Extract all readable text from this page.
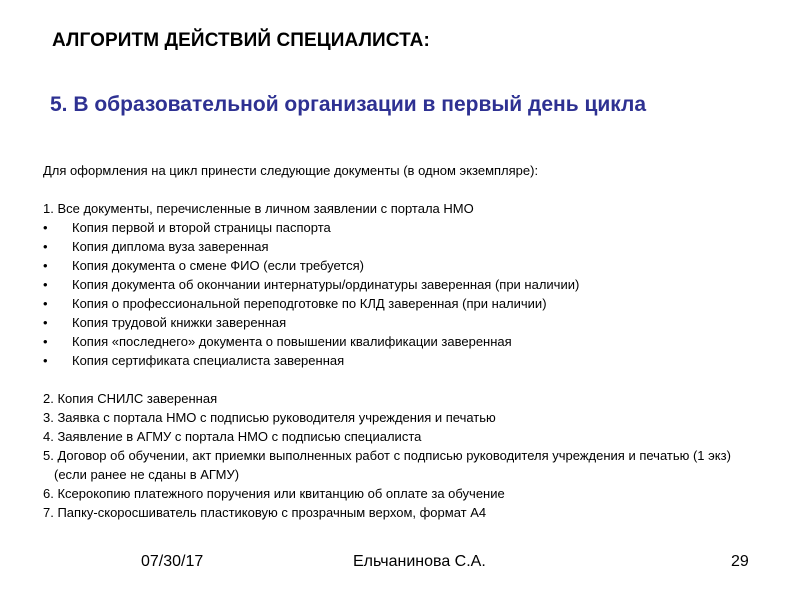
АЛГОРИТМ ДЕЙСТВИЙ СПЕЦИАЛИСТА:
5. В образовательной организации в первый день цикла

Для оформления на цикл принести следующие документы (в одном экземпляре):

1. Все документы, перечисленные в личном заявлении с портала НМО

• Копия первой и второй страницы паспорта
• Копия диплома вуза заверенная
• Копия документа о смене ФИО (если требуется)
• Копия документа об окончании интернатуры/ординатуры заверенная (при наличии)
• Копия о профессиональной переподготовке по КЛД заверенная (при наличии)
• Копия трудовой книжки заверенная
• Копия «последнего» документа о повышении квалификации заверенная
• Копия сертификата специалиста заверенная

2. Копия СНИЛС заверенная

3. Заявка с портала НМО с подписью руководителя учреждения и печатью

4. Заявление в АГМУ с портала НМО с подписью специалиста

5. Договор об обучении, акт приемки выполненных работ с подписью руководителя учреждения и печатью (1 экз) (если ранее не сданы в АГМУ)

6. Ксерокопию платежного поручения или квитанцию об оплате за обучение

7. Папку-скоросшиватель пластиковую с прозрачным верхом, формат А4

07/30/17	Ельчанинова С.А.	29
